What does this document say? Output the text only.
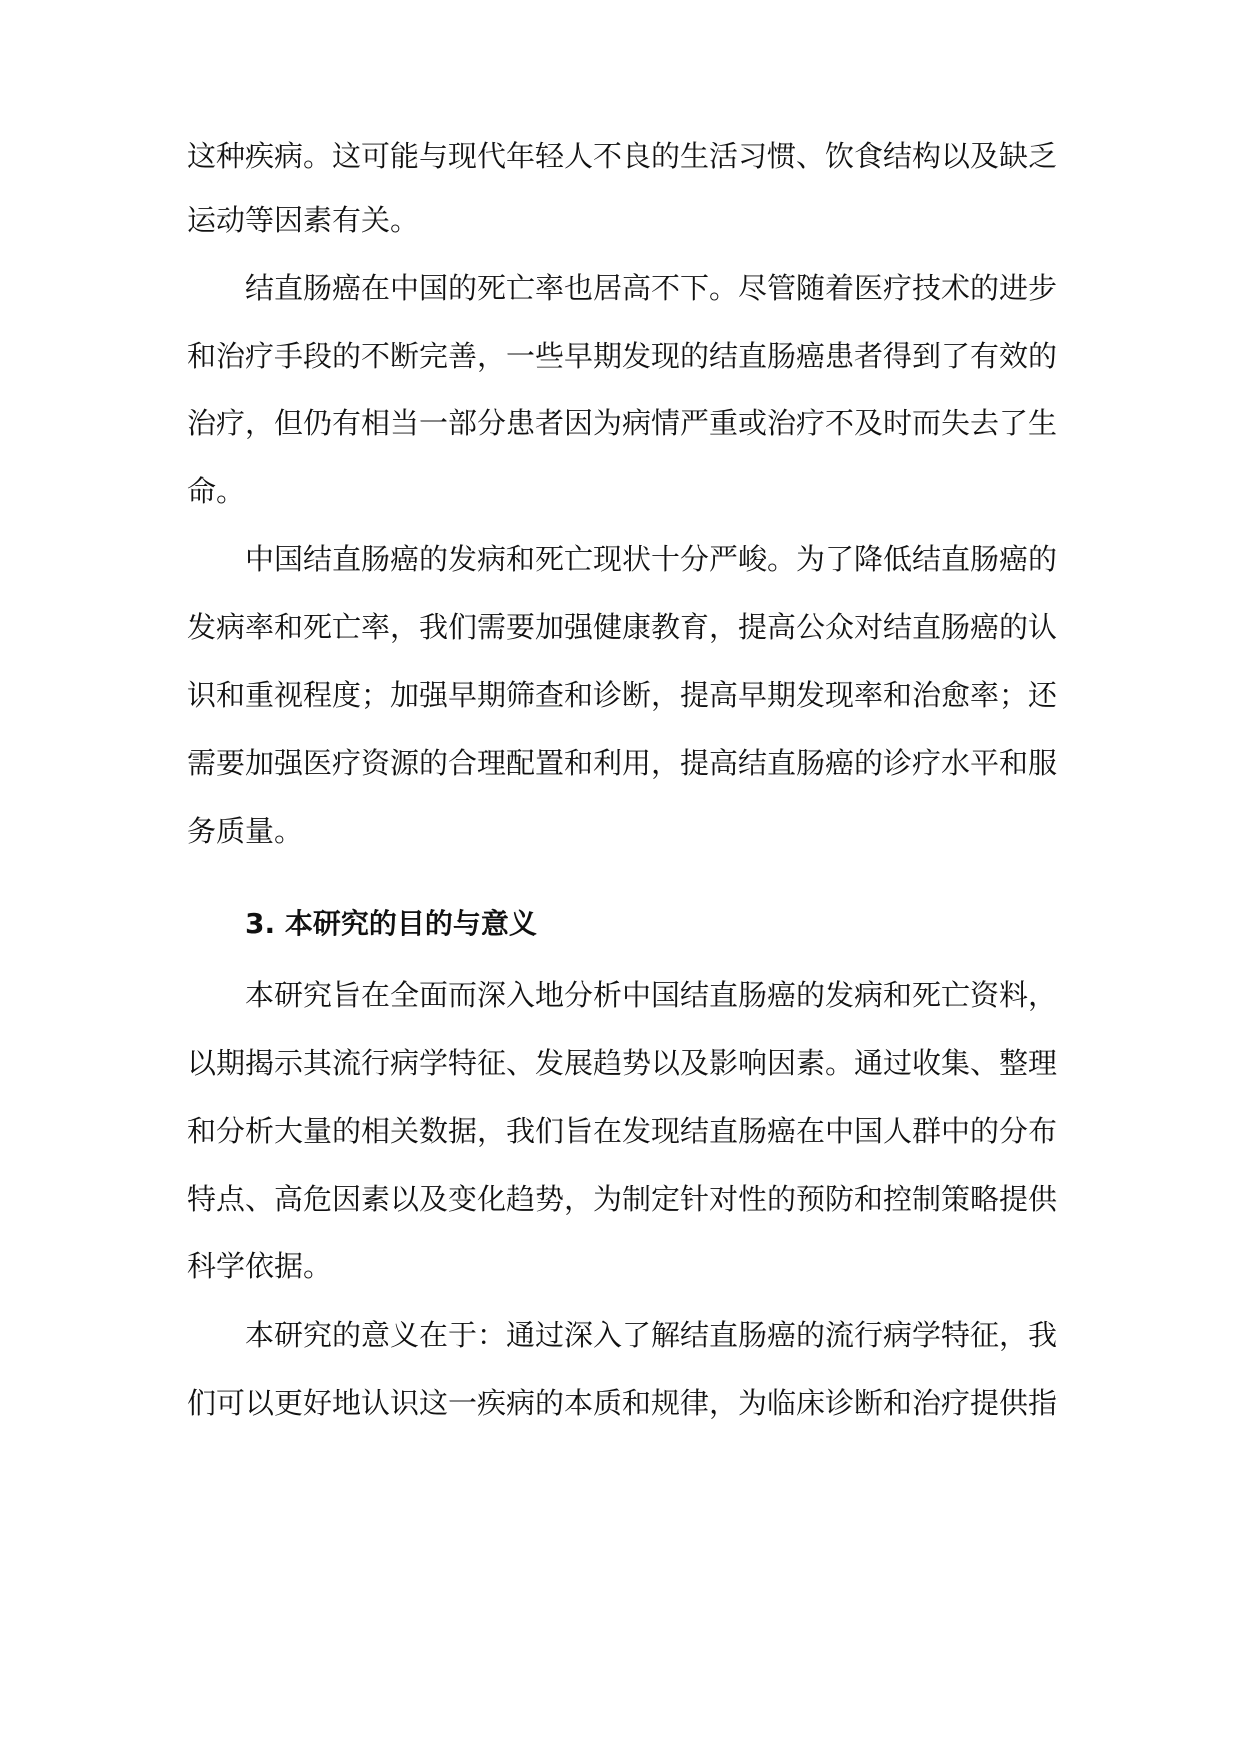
这种疾病。这可能与现代年轻人不良的生活习惯、饮食结构以及缺乏
运动等因素有关。
结直肠癌在中国的死亡率也居高不下。尽管随着医疗技术的进步
和治疗手段的不断完善，一些早期发现的结直肠癌患者得到了有效的
治疗，但仍有相当一部分患者因为病情严重或治疗不及时而失去了生
命。
中国结直肠癌的发病和死亡现状十分严峻。为了降低结直肠癌的
发病率和死亡率，我们需要加强健康教育，提高公众对结直肠癌的认
识和重视程度；加强早期筛查和诊断，提高早期发现率和治愈率；还
需要加强医疗资源的合理配置和利用，提高结直肠癌的诊疗水平和服
务质量。
3. 本研究的目的与意义
本研究旨在全面而深入地分析中国结直肠癌的发病和死亡资料，
以期揭示其流行病学特征、发展趋势以及影响因素。通过收集、整理
和分析大量的相关数据，我们旨在发现结直肠癌在中国人群中的分布
特点、高危因素以及变化趋势，为制定针对性的预防和控制策略提供
科学依据。
本研究的意义在于：通过深入了解结直肠癌的流行病学特征，我
们可以更好地认识这一疾病的本质和规律，为临床诊断和治疗提供指
